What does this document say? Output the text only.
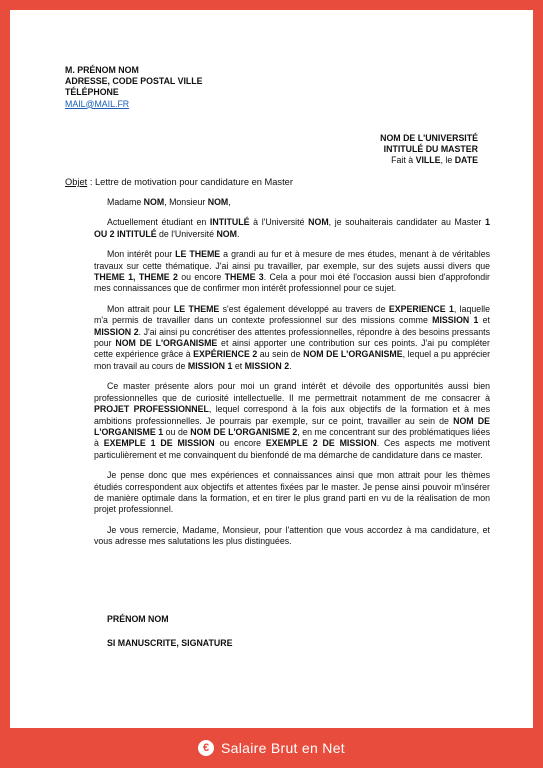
M. PRÉNOM NOM
ADRESSE, CODE POSTAL VILLE
TÉLÉPHONE
MAIL@MAIL.FR
NOM DE L'UNIVERSITÉ
INTITULÉ DU MASTER
Fait à VILLE, le DATE
Objet : Lettre de motivation pour candidature en Master

Madame NOM, Monsieur NOM,

Actuellement étudiant en INTITULÉ à l'Université NOM, je souhaiterais candidater au Master 1 OU 2 INTITULÉ de l'Université NOM.

Mon intérêt pour LE THEME a grandi au fur et à mesure de mes études, menant à de véritables travaux sur cette thématique. J'ai ainsi pu travailler, par exemple, sur des sujets aussi divers que THEME 1, THEME 2 ou encore THEME 3. Cela a pour moi été l'occasion aussi bien d'approfondir mes connaissances que de confirmer mon intérêt professionnel pour ce sujet.

Mon attrait pour LE THEME s'est également développé au travers de EXPERIENCE 1, laquelle m'a permis de travailler dans un contexte professionnel sur des missions comme MISSION 1 et MISSION 2. J'ai ainsi pu concrétiser des attentes professionnelles, répondre à des besoins pressants pour NOM DE L'ORGANISME et ainsi apporter une contribution sur ces points. J'ai pu compléter cette expérience grâce à EXPÉRIENCE 2 au sein de NOM DE L'ORGANISME, lequel a pu apprécier mon travail au cours de MISSION 1 et MISSION 2.

Ce master présente alors pour moi un grand intérêt et dévoile des opportunités aussi bien professionnelles que de curiosité intellectuelle. Il me permettrait notamment de me consacrer à PROJET PROFESSIONNEL, lequel correspond à la fois aux objectifs de la formation et à mes ambitions professionnelles. Je pourrais par exemple, sur ce point, travailler au sein de NOM DE L'ORGANISME 1 ou de NOM DE L'ORGANISME 2, en me concentrant sur des problématiques liées à EXEMPLE 1 DE MISSION ou encore EXEMPLE 2 DE MISSION. Ces aspects me motivent particulièrement et me convainquent du bienfondé de ma démarche de candidature dans ce master.

Je pense donc que mes expériences et connaissances ainsi que mon attrait pour les thèmes étudiés correspondent aux objectifs et attentes fixées par le master. Je pense ainsi pouvoir m'insérer de manière optimale dans la formation, et en tirer le plus grand parti en vu de la réalisation de mon projet professionnel.

Je vous remercie, Madame, Monsieur, pour l'attention que vous accordez à ma candidature, et vous adresse mes salutations les plus distinguées.

PRÉNOM NOM
SI MANUSCRITE, SIGNATURE
€ Salaire Brut en Net
